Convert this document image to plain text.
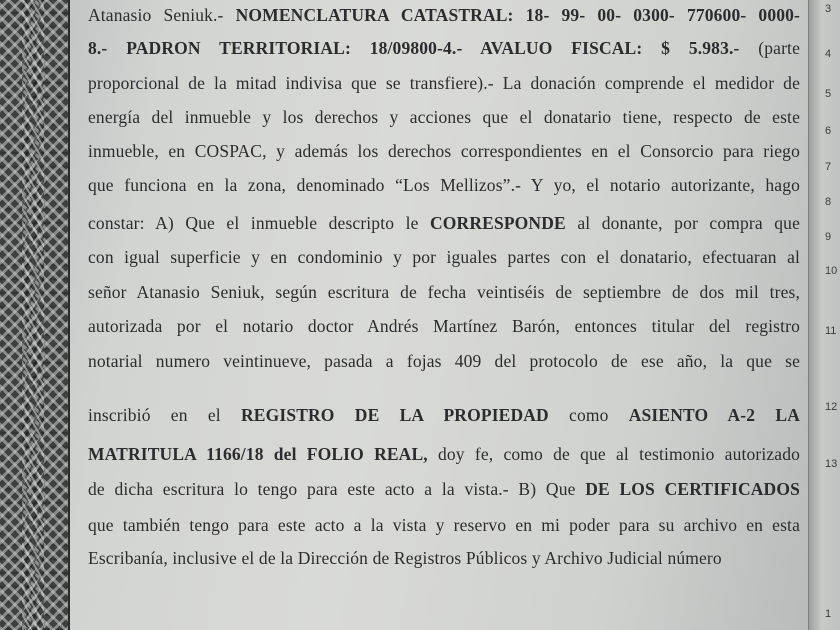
Atanasio Seniuk.- NOMENCLATURA CATASTRAL: 18- 99- 00- 0300- 770600- 0000-
8.- PADRON TERRITORIAL: 18/09800-4.- AVALUO FISCAL: $ 5.983.- (parte
proporcional de la mitad indivisa que se transfiere).- La donación comprende el medidor de
energía del inmueble y los derechos y acciones que el donatario tiene, respecto de este
inmueble, en COSPAC, y además los derechos correspondientes en el Consorcio para riego
que funciona en la zona, denominado “Los Mellizos”.- Y yo, el notario autorizante, hago
constar: A) Que el inmueble descripto le CORRESPONDE al donante, por compra que
con igual superficie y en condominio y por iguales partes con el donatario, efectuaran al
señor Atanasio Seniuk, según escritura de fecha veintiséis de septiembre de dos mil tres,
autorizada por el notario doctor Andrés Martínez Barón, entonces titular del registro
notarial numero veintinueve, pasada a fojas 409 del protocolo de ese año, la que se
inscribió en el REGISTRO DE LA PROPIEDAD como ASIENTO A-2 LA
MATRITULA 1166/18 del FOLIO REAL, doy fe, como de que al testimonio autorizado
de dicha escritura lo tengo para este acto a la vista.- B) Que DE LOS CERTIFICADOS
que también tengo para este acto a la vista y reservo en mi poder para su archivo en esta
Escribanía, inclusive el de la Dirección de Registros Públicos y Archivo Judicial número
3
4
5
6
7
8
9
10
11
12
13
1
